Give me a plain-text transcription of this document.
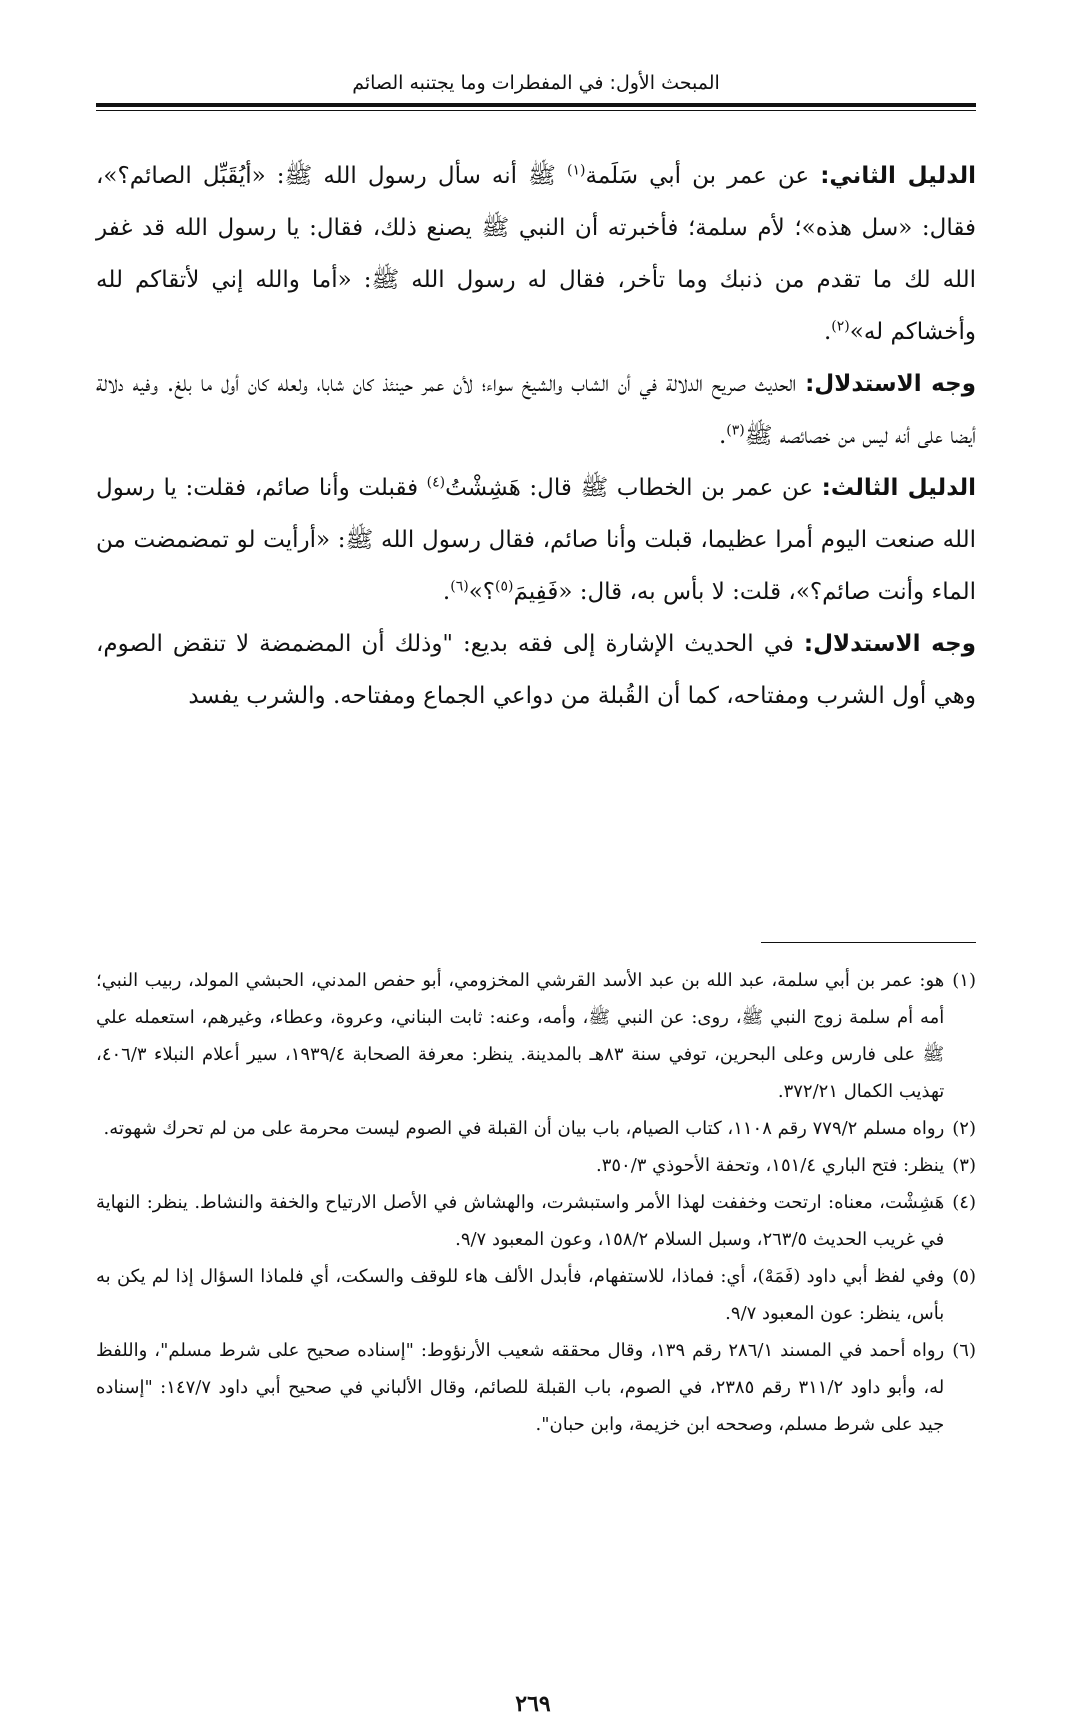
المبحث الأول: في المفطرات وما يجتنبه الصائم

الدليل الثاني: عن عمر بن أبي سَلَمة$^{(١)}$ ﷺ أنه سأل رسول الله ﷺ: «أيُقَبِّل الصائم؟»، فقال: «سل هذه»؛ لأم سلمة؛ فأخبرته أن النبي ﷺ يصنع ذلك، فقال: يا رسول الله قد غفر الله لك ما تقدم من ذنبك وما تأخر، فقال له رسول الله ﷺ: «أما والله إني لأتقاكم لله وأخشاكم له»$^{(٢)}$.

وجه الاستدلال: الحديث صريح الدلالة في أن الشاب والشيخ سواء؛ لأن عمر حينئذ كان شابا، ولعله كان أول ما بلغ. وفيه دلالة أيضا على أنه ليس من خصائصه ﷺ$^{(٣)}$.

الدليل الثالث: عن عمر بن الخطاب ﷺ قال: هَشِشْتُ$^{(٤)}$ فقبلت وأنا صائم، فقلت: يا رسول الله صنعت اليوم أمرا عظيما، قبلت وأنا صائم، فقال رسول الله ﷺ: «أرأيت لو تمضمضت من الماء وأنت صائم؟»، قلت: لا بأس به، قال: «فَفِيمَ$^{(٥)}$؟»$^{(٦)}$.

وجه الاستدلال: في الحديث الإشارة إلى فقه بديع: "وذلك أن المضمضة لا تنقض الصوم، وهي أول الشرب ومفتاحه، كما أن القُبلة من دواعي الجماع ومفتاحه. والشرب يفسد

(١)
هو: عمر بن أبي سلمة، عبد الله بن عبد الأسد القرشي المخزومي، أبو حفص المدني، الحبشي المولد، ربيب النبي؛ أمه أم سلمة زوج النبي ﷺ، روى: عن النبي ﷺ، وأمه، وعنه: ثابت البناني، وعروة، وعطاء، وغيرهم، استعمله علي ﷺ على فارس وعلى البحرين، توفي سنة ٨٣هـ بالمدينة. ينظر: معرفة الصحابة ١٩٣٩/٤، سير أعلام النبلاء ٤٠٦/٣، تهذيب الكمال ٣٧٢/٢١.
(٢)
رواه مسلم ٧٧٩/٢ رقم ١١٠٨، كتاب الصيام، باب بيان أن القبلة في الصوم ليست محرمة على من لم تحرك شهوته.
(٣)
ينظر: فتح الباري ١٥١/٤، وتحفة الأحوذي ٣٥٠/٣.
(٤)
هَشِشْت، معناه: ارتحت وخففت لهذا الأمر واستبشرت، والهشاش في الأصل الارتياح والخفة والنشاط. ينظر: النهاية في غريب الحديث ٢٦٣/٥، وسبل السلام ١٥٨/٢، وعون المعبود ٩/٧.
(٥)
وفي لفظ أبي داود (فَمَهْ)، أي: فماذا، للاستفهام، فأبدل الألف هاء للوقف والسكت، أي فلماذا السؤال إذا لم يكن به بأس، ينظر: عون المعبود ٩/٧.
(٦)
رواه أحمد في المسند ٢٨٦/١ رقم ١٣٩، وقال محققه شعيب الأرنؤوط: "إسناده صحيح على شرط مسلم"، واللفظ له، وأبو داود ٣١١/٢ رقم ٢٣٨٥، في الصوم، باب القبلة للصائم، وقال الألباني في صحيح أبي داود ١٤٧/٧: "إسناده جيد على شرط مسلم، وصححه ابن خزيمة، وابن حبان".
٢٦٩
